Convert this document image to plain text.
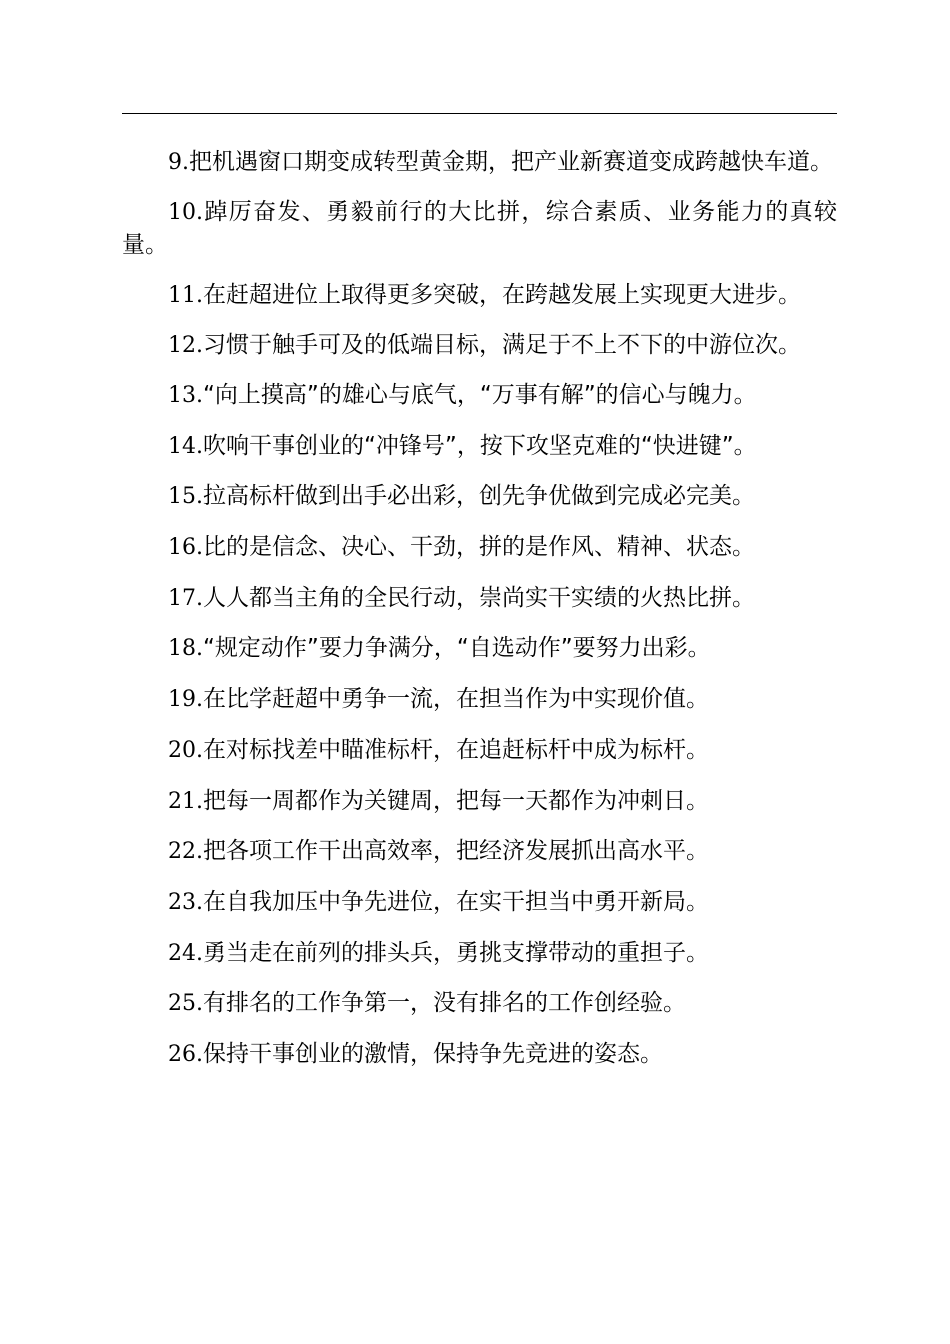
9.把机遇窗口期变成转型黄金期，把产业新赛道变成跨越快车道。

10.踔厉奋发、勇毅前行的大比拼，综合素质、业务能力的真较量。

11.在赶超进位上取得更多突破，在跨越发展上实现更大进步。

12.习惯于触手可及的低端目标，满足于不上不下的中游位次。

13.“向上摸高”的雄心与底气，“万事有解”的信心与魄力。

14.吹响干事创业的“冲锋号”，按下攻坚克难的“快进键”。

15.拉高标杆做到出手必出彩，创先争优做到完成必完美。

16.比的是信念、决心、干劲，拼的是作风、精神、状态。

17.人人都当主角的全民行动，崇尚实干实绩的火热比拼。

18.“规定动作”要力争满分，“自选动作”要努力出彩。

19.在比学赶超中勇争一流，在担当作为中实现价值。

20.在对标找差中瞄准标杆，在追赶标杆中成为标杆。

21.把每一周都作为关键周，把每一天都作为冲刺日。

22.把各项工作干出高效率，把经济发展抓出高水平。

23.在自我加压中争先进位，在实干担当中勇开新局。

24.勇当走在前列的排头兵，勇挑支撑带动的重担子。

25.有排名的工作争第一，没有排名的工作创经验。

26.保持干事创业的激情，保持争先竞进的姿态。
